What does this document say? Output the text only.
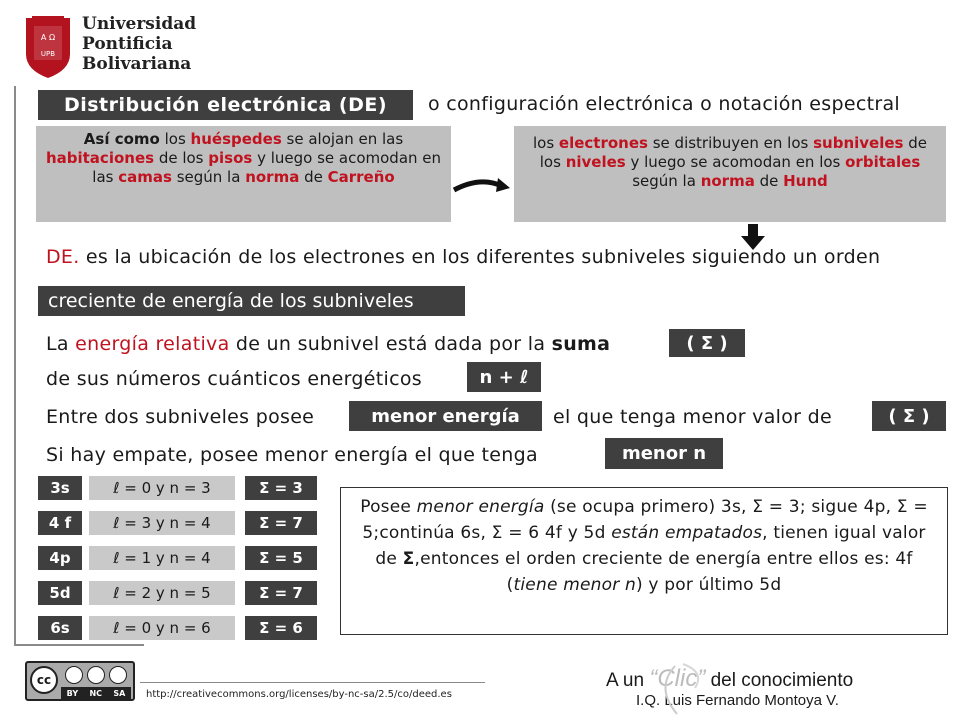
A Ω
UPB
Universidad
Pontificia
Bolivariana
Distribución electrónica (DE)	o configuración electrónica o notación espectral
Así como los huéspedes se alojan en las habitaciones de los pisos y luego se acomodan en las camas según la norma de Carreño
los electrones se distribuyen en los subniveles de los niveles y luego se acomodan en los orbitales según la norma de Hund
DE. es la ubicación de los electrones en los diferentes subniveles siguiendo un orden
creciente de energía de los subniveles
La energía relativa de un subnivel está dada por la suma	( Σ )
de sus números cuánticos energéticos	n + ℓ
Entre dos subniveles posee	menor energía	el que tenga menor valor de	( Σ )
Si hay empate, posee menor energía el que tenga	menor n
3s	ℓ = 0 y n = 3	Σ = 3
4 f	ℓ = 3 y n = 4	Σ = 7
4p	ℓ = 1 y n = 4	Σ = 5
5d	ℓ = 2 y n = 5	Σ = 7
6s	ℓ = 0 y n = 6	Σ = 6
Posee menor energía (se ocupa primero) 3s, Σ = 3; sigue 4p, Σ = 5;continúa 6s, Σ = 6 4f y 5d están empatados, tienen igual valor de Σ,entonces el orden creciente de energía entre ellos es: 4f (tiene menor n) y por último 5d
cc
BY NC SA http://creativecommons.org/licenses/by-nc-sa/2.5/co/deed.es
A un “Clic” del conocimiento
I.Q. Luis Fernando Montoya V.
